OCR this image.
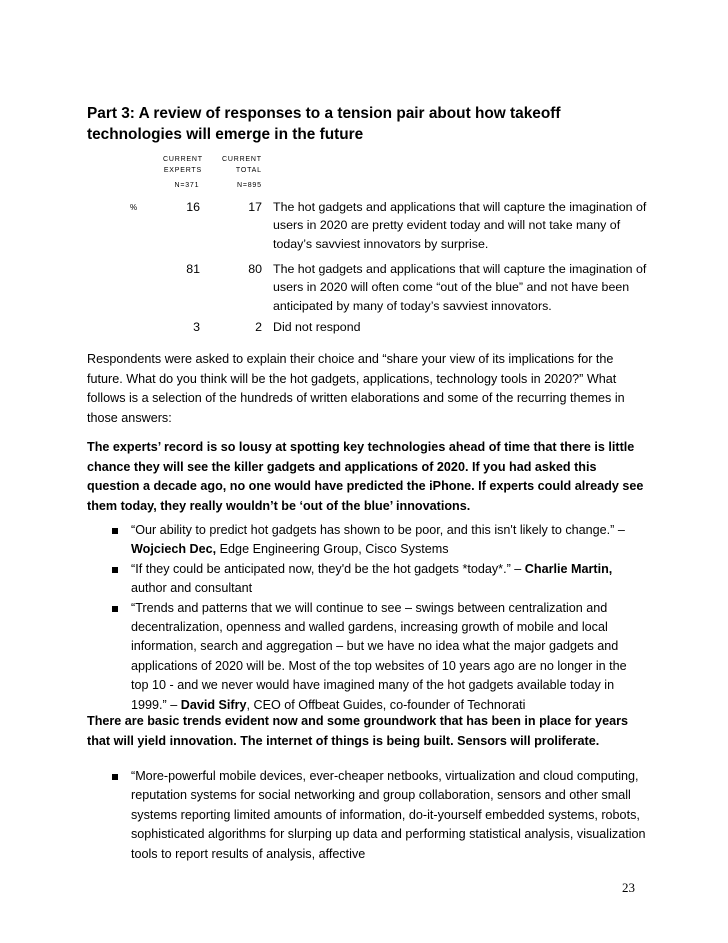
Part 3: A review of responses to a tension pair about how takeoff technologies will emerge in the future
CURRENT
EXPERTS
N=371
CURRENT
TOTAL
N=895
%	16	17 The hot gadgets and applications that will capture the imagination of users in 2020 are pretty evident today and will not take many of today’s savviest innovators by surprise.
81	80 The hot gadgets and applications that will capture the imagination of users in 2020 will often come “out of the blue” and not have been anticipated by many of today’s savviest innovators.
3	2 Did not respond

Respondents were asked to explain their choice and “share your view of its implications for the future. What do you think will be the hot gadgets, applications, technology tools in 2020?” What follows is a selection of the hundreds of written elaborations and some of the recurring themes in those answers:

The experts’ record is so lousy at spotting key technologies ahead of time that there is little chance they will see the killer gadgets and applications of 2020. If you had asked this question a decade ago, no one would have predicted the iPhone. If experts could already see them today, they really wouldn’t be ‘out of the blue’ innovations.

“Our ability to predict hot gadgets has shown to be poor, and this isn't likely to change.” – Wojciech Dec, Edge Engineering Group, Cisco Systems
“If they could be anticipated now, they'd be the hot gadgets *today*.” – Charlie Martin, author and consultant
“Trends and patterns that we will continue to see – swings between centralization and decentralization, openness and walled gardens, increasing growth of mobile and local information, search and aggregation – but we have no idea what the major gadgets and applications of 2020 will be. Most of the top websites of 10 years ago are no longer in the top 10 - and we never would have imagined many of the hot gadgets available today in 1999.” – David Sifry, CEO of Offbeat Guides, co-founder of Technorati

There are basic trends evident now and some groundwork that has been in place for years that will yield innovation. The internet of things is being built. Sensors will proliferate.

“More-powerful mobile devices, ever-cheaper netbooks, virtualization and cloud computing, reputation systems for social networking and group collaboration, sensors and other small systems reporting limited amounts of information, do-it-yourself embedded systems, robots, sophisticated algorithms for slurping up data and performing statistical analysis, visualization tools to report results of analysis, affective
23
